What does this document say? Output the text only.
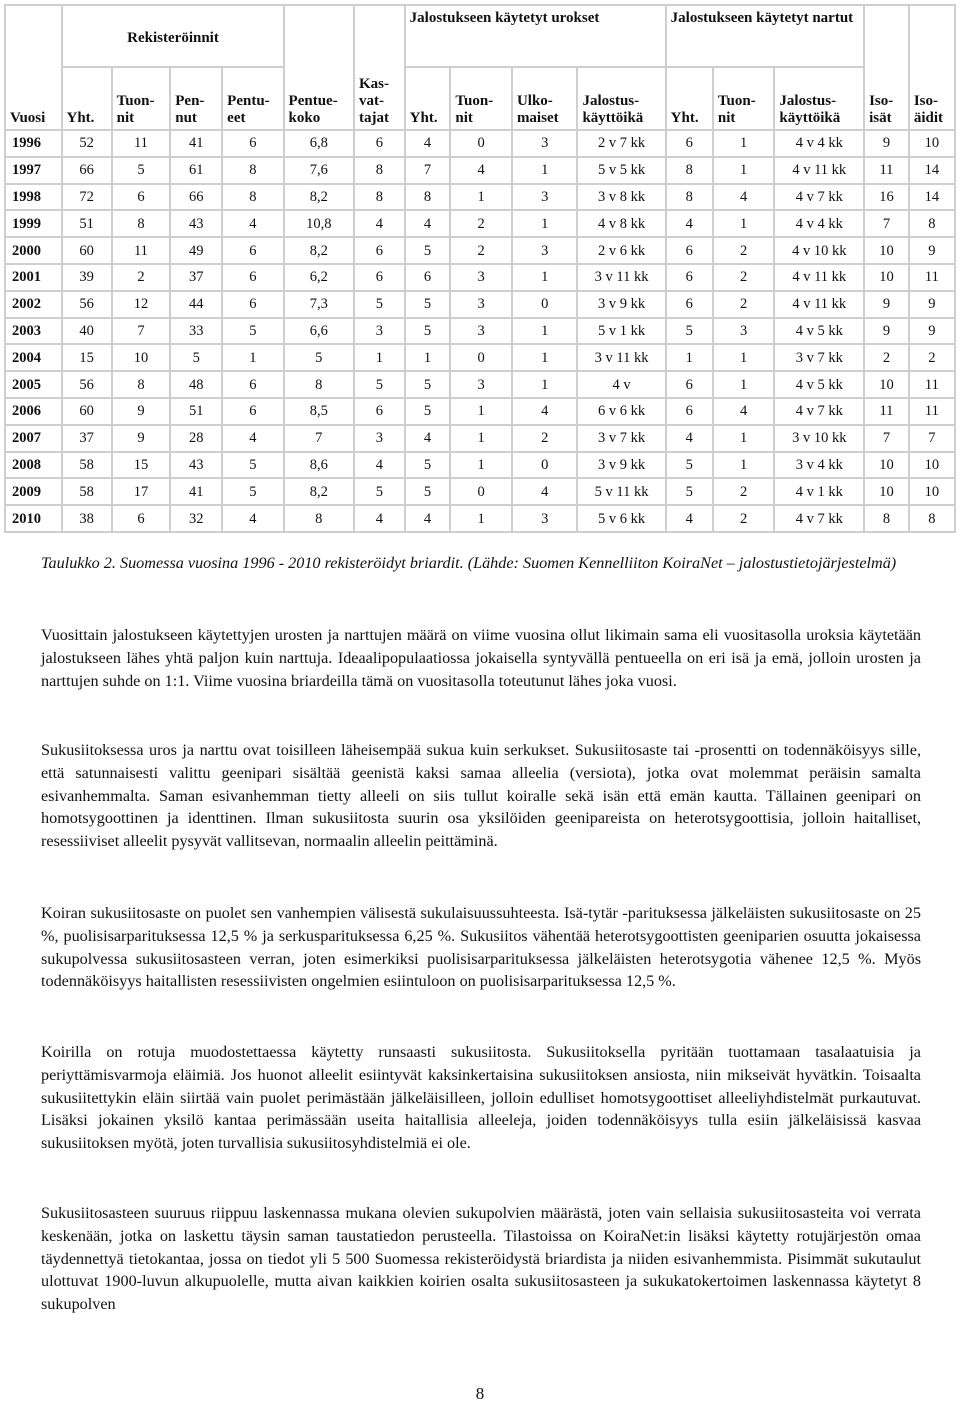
Vuosi	Rekisteröinnit				Pentue-koko	Kas-vat-tajat	Jalostukseen käytetyt urokset				Jalostukseen käytetyt nartut			Iso-isät	Iso-äidit
	Yht.	Tuon-nit	Pen-nut	Pentu-eet			Yht.	Tuon-nit	Ulko-maiset	Jalostus-käyttöikä	Yht.	Tuon-nit	Jalostus-käyttöikä		
1996	52	11	41	6	6,8	6	4	0	3	2 v 7 kk	6	1	4 v 4 kk	9	10
1997	66	5	61	8	7,6	8	7	4	1	5 v 5 kk	8	1	4 v 11 kk	11	14
1998	72	6	66	8	8,2	8	8	1	3	3 v 8 kk	8	4	4 v 7 kk	16	14
1999	51	8	43	4	10,8	4	4	2	1	4 v 8 kk	4	1	4 v 4 kk	7	8
2000	60	11	49	6	8,2	6	5	2	3	2 v 6 kk	6	2	4 v 10 kk	10	9
2001	39	2	37	6	6,2	6	6	3	1	3 v 11 kk	6	2	4 v 11 kk	10	11
2002	56	12	44	6	7,3	5	5	3	0	3 v 9 kk	6	2	4 v 11 kk	9	9
2003	40	7	33	5	6,6	3	5	3	1	5 v 1 kk	5	3	4 v 5 kk	9	9
2004	15	10	5	1	5	1	1	0	1	3 v 11 kk	1	1	3 v 7 kk	2	2
2005	56	8	48	6	8	5	5	3	1	4 v	6	1	4 v 5 kk	10	11
2006	60	9	51	6	8,5	6	5	1	4	6 v 6 kk	6	4	4 v 7 kk	11	11
2007	37	9	28	4	7	3	4	1	2	3 v 7 kk	4	1	3 v 10 kk	7	7
2008	58	15	43	5	8,6	4	5	1	0	3 v 9 kk	5	1	3 v 4 kk	10	10
2009	58	17	41	5	8,2	5	5	0	4	5 v 11 kk	5	2	4 v 1 kk	10	10
2010	38	6	32	4	8	4	4	1	3	5 v 6 kk	4	2	4 v 7 kk	8	8
Taulukko 2. Suomessa vuosina 1996 - 2010 rekisteröidyt briardit. (Lähde: Suomen Kennelliiton KoiraNet – jalostustietojärjestelmä)

Vuosittain jalostukseen käytettyjen urosten ja narttujen määrä on viime vuosina ollut likimain sama eli vuositasolla uroksia käytetään jalostukseen lähes yhtä paljon kuin narttuja. Ideaalipopulaatiossa jokaisella syntyvällä pentueella on eri isä ja emä, jolloin urosten ja narttujen suhde on 1:1. Viime vuosina briardeilla tämä on vuositasolla toteutunut lähes joka vuosi.

Sukusiitoksessa uros ja narttu ovat toisilleen läheisempää sukua kuin serkukset. Sukusiitosaste tai -prosentti on todennäköisyys sille, että satunnaisesti valittu geenipari sisältää geenistä kaksi samaa alleelia (versiota), jotka ovat molemmat peräisin samalta esivanhemmalta. Saman esivanhemman tietty alleeli on siis tullut koiralle sekä isän että emän kautta. Tällainen geenipari on homotsygoottinen ja identtinen. Ilman sukusiitosta suurin osa yksilöiden geenipareista on heterotsygoottisia, jolloin haitalliset, resessiiviset alleelit pysyvät vallitsevan, normaalin alleelin peittäminä.

Koiran sukusiitosaste on puolet sen vanhempien välisestä sukulaisuussuhteesta. Isä-tytär -parituksessa jälkeläisten sukusiitosaste on 25 %, puolisisarparituksessa 12,5 % ja serkusparituksessa 6,25 %. Sukusiitos vähentää heterotsygoottisten geeniparien osuutta jokaisessa sukupolvessa sukusiitosasteen verran, joten esimerkiksi puolisisarparituksessa jälkeläisten heterotsygotia vähenee 12,5 %. Myös todennäköisyys haitallisten resessiivisten ongelmien esiintuloon on puolisisarparituksessa 12,5 %.

Koirilla on rotuja muodostettaessa käytetty runsaasti sukusiitosta. Sukusiitoksella pyritään tuottamaan tasalaatuisia ja periyttämisvarmoja eläimiä. Jos huonot alleelit esiintyvät kaksinkertaisina sukusiitoksen ansiosta, niin mikseivät hyvätkin. Toisaalta sukusiitettykin eläin siirtää vain puolet perimästään jälkeläisilleen, jolloin edulliset homotsygoottiset alleeliyhdistelmät purkautuvat. Lisäksi jokainen yksilö kantaa perimässään useita haitallisia alleeleja, joiden todennäköisyys tulla esiin jälkeläisissä kasvaa sukusiitoksen myötä, joten turvallisia sukusiitosyhdistelmiä ei ole.

Sukusiitosasteen suuruus riippuu laskennassa mukana olevien sukupolvien määrästä, joten vain sellaisia sukusiitosasteita voi verrata keskenään, jotka on laskettu täysin saman taustatiedon perusteella. Tilastoissa on KoiraNet:in lisäksi käytetty rotujärjestön omaa täydennettyä tietokantaa, jossa on tiedot yli 5 500 Suomessa rekisteröidystä briardista ja niiden esivanhemmista. Pisimmät sukutaulut ulottuvat 1900-luvun alkupuolelle, mutta aivan kaikkien koirien osalta sukusiitosasteen ja sukukatokertoimen laskennassa käytetyt 8 sukupolven

8
